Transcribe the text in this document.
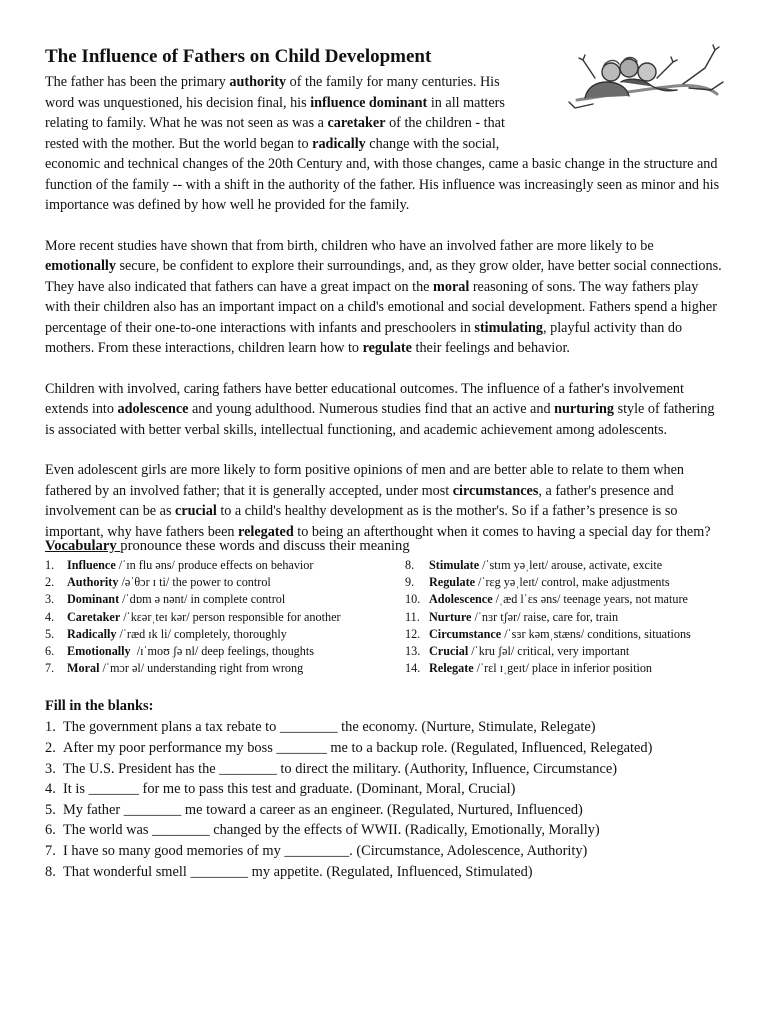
The Influence of Fathers on Child Development

The father has been the primary authority of the family for many centuries. His word was unquestioned, his decision final, his influence dominant in all matters relating to family. What he was not seen as was a caretaker of the children - that rested with the mother. But the world began to radically change with the social, economic and technical changes of the 20th Century and, with those changes, came a basic change in the structure and function of the family -- with a shift in the authority of the father. His influence was increasingly seen as minor and his importance was defined by how well he provided for the family.

More recent studies have shown that from birth, children who have an involved father are more likely to be emotionally secure, be confident to explore their surroundings, and, as they grow older, have better social connections. They have also indicated that fathers can have a great impact on the moral reasoning of sons. The way fathers play with their children also has an important impact on a child's emotional and social development. Fathers spend a higher percentage of their one-to-one interactions with infants and preschoolers in stimulating, playful activity than do mothers. From these interactions, children learn how to regulate their feelings and behavior.

Children with involved, caring fathers have better educational outcomes. The influence of a father's involvement extends into adolescence and young adulthood. Numerous studies find that an active and nurturing style of fathering is associated with better verbal skills, intellectual functioning, and academic achievement among adolescents.

Even adolescent girls are more likely to form positive opinions of men and are better able to relate to them when fathered by an involved father; that it is generally accepted, under most circumstances, a father's presence and involvement can be as crucial to a child's healthy development as is the mother's. So if a father’s presence is so important, why have fathers been relegated to being an afterthought when it comes to having a special day for them?

Vocabulary pronounce these words and discuss their meaning
1.	Influence /ˈɪn flu əns/ produce effects on behavior
2.	Authority /əˈθɔr ɪ ti/ the power to control
3.	Dominant /ˈdɒm ə nənt/ in complete control
4.	Caretaker /ˈkɛərˌteɪ kər/ person responsible for another
5.	Radically /ˈræd ɪk li/ completely, thoroughly
6.	Emotionally /ɪˈmoʊ ʃə nl/ deep feelings, thoughts
7.	Moral /ˈmɔr əl/ understanding right from wrong
8.	Stimulate /ˈstɪm yəˌleɪt/ arouse, activate, excite
9.	Regulate /ˈrɛg yəˌleɪt/ control, make adjustments
10. Adolescence /ˌæd lˈɛs əns/ teenage years, not mature
11. Nurture /ˈnɜr tʃər/ raise, care for, train
12. Circumstance /ˈsɜr kəmˌstæns/ conditions, situations
13. Crucial /ˈkru ʃəl/ critical, very important
14. Relegate /ˈrɛl ɪˌgeɪt/ place in inferior position
Fill in the blanks:
1. The government plans a tax rebate to ________ the economy. (Nurture, Stimulate, Relegate)
2. After my poor performance my boss _______ me to a backup role. (Regulated, Influenced, Relegated)
3. The U.S. President has the ________ to direct the military. (Authority, Influence, Circumstance)
4. It is _______ for me to pass this test and graduate. (Dominant, Moral, Crucial)
5. My father ________ me toward a career as an engineer. (Regulated, Nurtured, Influenced)
6. The world was ________ changed by the effects of WWII. (Radically, Emotionally, Morally)
7. I have so many good memories of my _________. (Circumstance, Adolescence, Authority)
8. That wonderful smell ________ my appetite. (Regulated, Influenced, Stimulated)
